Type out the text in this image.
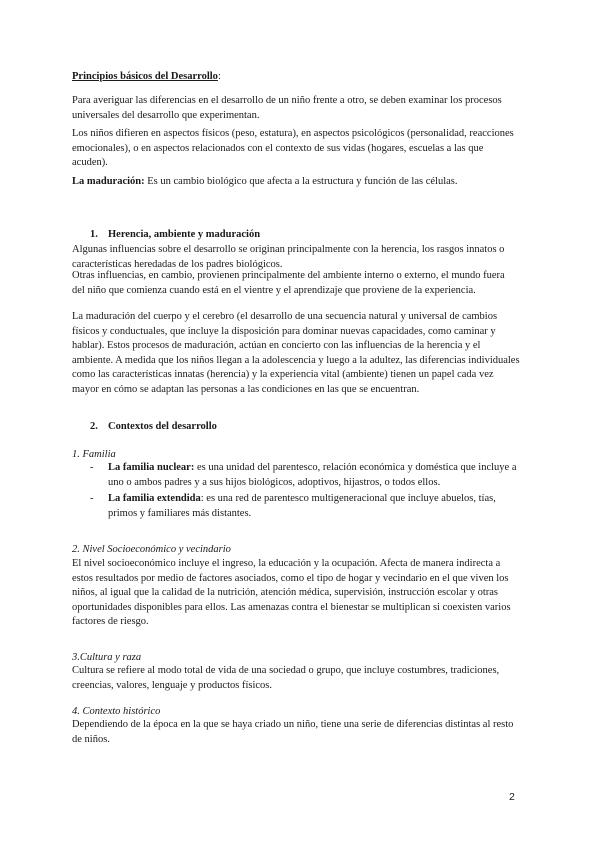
Principios básicos del Desarrollo:
Para averiguar las diferencias en el desarrollo de un niño frente a otro, se deben examinar los procesos universales del desarrollo que experimentan.
Los niños difieren en aspectos físicos (peso, estatura), en aspectos psicológicos (personalidad, reacciones emocionales), o en aspectos relacionados con el contexto de sus vidas (hogares, escuelas a las que acuden).
La maduración: Es un cambio biológico que afecta a la estructura y función de las células.
1. Herencia, ambiente y maduración
Algunas influencias sobre el desarrollo se originan principalmente con la herencia, los rasgos innatos o características heredadas de los padres biológicos.
Otras influencias, en cambio, provienen principalmente del ambiente interno o externo, el mundo fuera del niño que comienza cuando está en el vientre y el aprendizaje que proviene de la experiencia.
La maduración del cuerpo y el cerebro (el desarrollo de una secuencia natural y universal de cambios físicos y conductuales, que incluye la disposición para dominar nuevas capacidades, como caminar y hablar). Estos procesos de maduración, actúan en concierto con las influencias de la herencia y el ambiente. A medida que los niños llegan a la adolescencia y luego a la adultez, las diferencias individuales como las características innatas (herencia) y la experiencia vital (ambiente) tienen un papel cada vez mayor en cómo se adaptan las personas a las condiciones en las que se encuentran.
2. Contextos del desarrollo
1. Familia
- La familia nuclear: es una unidad del parentesco, relación económica y doméstica que incluye a uno o ambos padres y a sus hijos biológicos, adoptivos, hijastros, o todos ellos.
- La familia extendida: es una red de parentesco multigeneracional que incluye abuelos, tías, primos y familiares más distantes.
2. Nivel Socioeconómico y vecindario
El nivel socioeconómico incluye el ingreso, la educación y la ocupación. Afecta de manera indirecta a estos resultados por medio de factores asociados, como el tipo de hogar y vecindario en el que viven los niños, al igual que la calidad de la nutrición, atención médica, supervisión, instrucción escolar y otras oportunidades disponibles para ellos. Las amenazas contra el bienestar se multiplican si coexisten varios factores de riesgo.
3.Cultura y raza
Cultura se refiere al modo total de vida de una sociedad o grupo, que incluye costumbres, tradiciones, creencias, valores, lenguaje y productos físicos.
4. Contexto histórico
Dependiendo de la época en la que se haya criado un niño, tiene una serie de diferencias distintas al resto de niños.
2
